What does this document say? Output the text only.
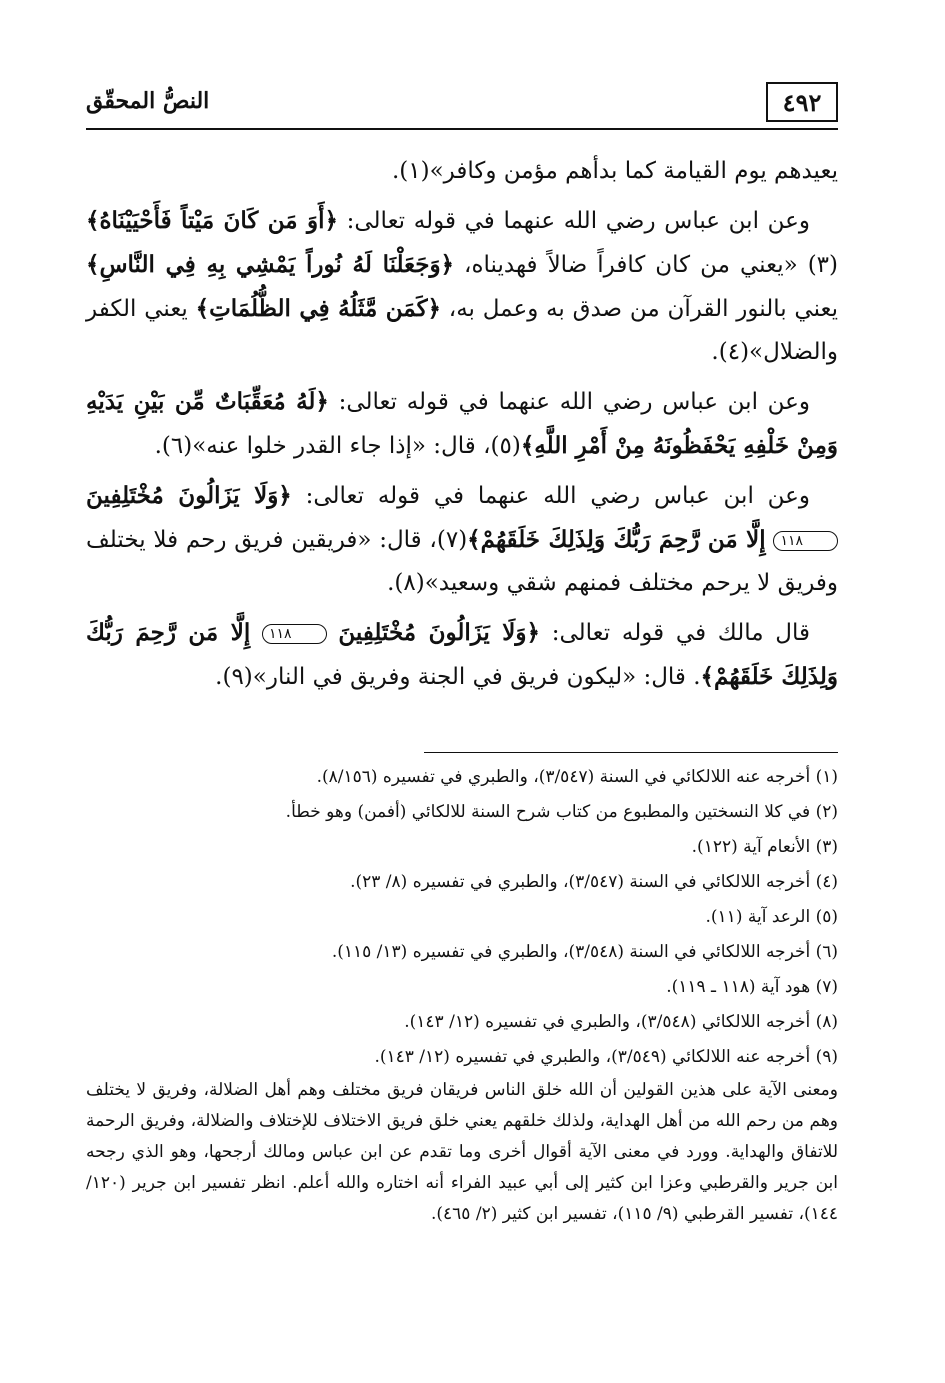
٤٩٢
النصُّ المحقّق

يعيدهم يوم القيامة كما بدأهم مؤمن وكافر»(١).

وعن ابن عباس رضي الله عنهما في قوله تعالى: ﴿أَوَ مَن كَانَ مَيْتاً فَأَحْيَيْنَاهُ﴾(٣) «يعني من كان كافراً ضالاً فهديناه، ﴿وَجَعَلْنَا لَهُ نُوراً يَمْشِي بِهِ فِي النَّاسِ﴾ يعني بالنور القرآن من صدق به وعمل به، ﴿كَمَن مَّثَلُهُ فِي الظُّلُمَاتِ﴾ يعني الكفر والضلال»(٤).

وعن ابن عباس رضي الله عنهما في قوله تعالى: ﴿لَهُ مُعَقِّبَاتٌ مِّن بَيْنِ يَدَيْهِ وَمِنْ خَلْفِهِ يَحْفَظُونَهُ مِنْ أَمْرِ اللَّهِ﴾(٥)، قال: «إذا جاء القدر خلوا عنه»(٦).

وعن ابن عباس رضي الله عنهما في قوله تعالى: ﴿وَلَا يَزَالُونَ مُخْتَلِفِينَ ١١٨ إِلَّا مَن رَّحِمَ رَبُّكَ وَلِذَلِكَ خَلَقَهُمْ﴾(٧)، قال: «فريقين فريق رحم فلا يختلف وفريق لا يرحم مختلف فمنهم شقي وسعيد»(٨).

قال مالك في قوله تعالى: ﴿وَلَا يَزَالُونَ مُخْتَلِفِينَ ١١٨ إِلَّا مَن رَّحِمَ رَبُّكَ وَلِذَلِكَ خَلَقَهُمْ﴾. قال: «ليكون فريق في الجنة وفريق في النار»(٩).

(١) أخرجه عنه اللالكائي في السنة (٣/٥٤٧)، والطبري في تفسيره (٨/١٥٦).

(٢) في كلا النسختين والمطبوع من كتاب شرح السنة للالكائي (أفمن) وهو خطأ.

(٣) الأنعام آية (١٢٢).

(٤) أخرجه اللالكائي في السنة (٣/٥٤٧)، والطبري في تفسيره (٨/ ٢٣).

(٥) الرعد آية (١١).

(٦) أخرجه اللالكائي في السنة (٣/٥٤٨)، والطبري في تفسيره (١٣/ ١١٥).

(٧) هود آية (١١٨ ـ ١١٩).

(٨) أخرجه اللالكائي (٣/٥٤٨)، والطبري في تفسيره (١٢/ ١٤٣).

(٩) أخرجه عنه اللالكائي (٣/٥٤٩)، والطبري في تفسيره (١٢/ ١٤٣).

ومعنى الآية على هذين القولين أن الله خلق الناس فريقان فريق مختلف وهم أهل الضلالة، وفريق لا يختلف وهم من رحم الله من أهل الهداية، ولذلك خلقهم يعني خلق فريق الاختلاف للإختلاف والضلالة، وفريق الرحمة للاتفاق والهداية. وورد في معنى الآية أقوال أخرى وما تقدم عن ابن عباس ومالك أرجحها، وهو الذي رجحه ابن جرير والقرطبي وعزا ابن كثير إلى أبي عبيد الفراء أنه اختاره والله أعلم. انظر تفسير ابن جرير (١٢٠/ ١٤٤)، تفسير القرطبي (٩/ ١١٥)، تفسير ابن كثير (٢/ ٤٦٥).
